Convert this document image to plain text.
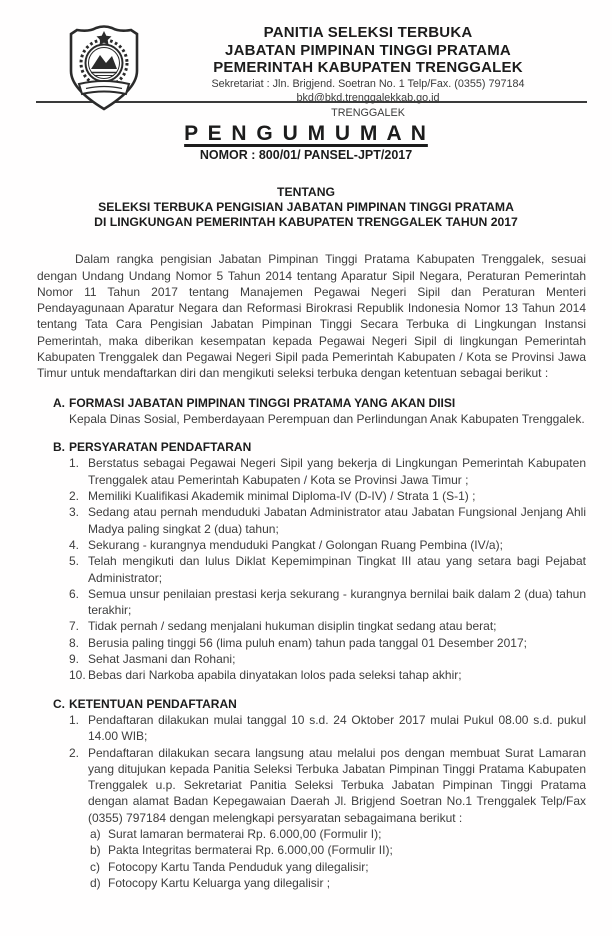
PANITIA SELEKSI TERBUKA
JABATAN PIMPINAN TINGGI PRATAMA
PEMERINTAH KABUPATEN TRENGGALEK
Sekretariat : Jln. Brigjend. Soetran No. 1 Telp/Fax. (0355) 797184
bkd@bkd.trenggalekkab.go.id
TRENGGALEK
P E N G U M U M A N
NOMOR : 800/01/ PANSEL-JPT/2017
TENTANG
SELEKSI TERBUKA PENGISIAN JABATAN PIMPINAN TINGGI PRATAMA
DI LINGKUNGAN PEMERINTAH KABUPATEN TRENGGALEK TAHUN 2017

Dalam rangka pengisian Jabatan Pimpinan Tinggi Pratama Kabupaten Trenggalek, sesuai dengan Undang Undang Nomor 5 Tahun 2014 tentang Aparatur Sipil Negara, Peraturan Pemerintah Nomor 11 Tahun 2017 tentang Manajemen Pegawai Negeri Sipil dan Peraturan Menteri Pendayagunaan Aparatur Negara dan Reformasi Birokrasi Republik Indonesia Nomor 13 Tahun 2014 tentang Tata Cara Pengisian Jabatan Pimpinan Tinggi Secara Terbuka di Lingkungan Instansi Pemerintah, maka diberikan kesempatan kepada Pegawai Negeri Sipil di lingkungan Pemerintah Kabupaten Trenggalek dan Pegawai Negeri Sipil pada Pemerintah Kabupaten / Kota se Provinsi Jawa Timur untuk mendaftarkan diri dan mengikuti seleksi terbuka dengan ketentuan sebagai berikut :

A. FORMASI JABATAN PIMPINAN TINGGI PRATAMA YANG AKAN DIISI
Kepala Dinas Sosial, Pemberdayaan Perempuan dan Perlindungan Anak Kabupaten Trenggalek.
B. PERSYARATAN PENDAFTARAN
1. Berstatus sebagai Pegawai Negeri Sipil yang bekerja di Lingkungan Pemerintah Kabupaten Trenggalek atau Pemerintah Kabupaten / Kota se Provinsi Jawa Timur ;
2. Memiliki Kualifikasi Akademik minimal Diploma-IV (D-IV) / Strata 1 (S-1) ;
3. Sedang atau pernah menduduki Jabatan Administrator atau Jabatan Fungsional Jenjang Ahli Madya paling singkat 2 (dua) tahun;
4. Sekurang - kurangnya menduduki Pangkat / Golongan Ruang Pembina (IV/a);
5. Telah mengikuti dan lulus Diklat Kepemimpinan Tingkat III atau yang setara bagi Pejabat Administrator;
6. Semua unsur penilaian prestasi kerja sekurang - kurangnya bernilai baik dalam 2 (dua) tahun terakhir;
7. Tidak pernah / sedang menjalani hukuman disiplin tingkat sedang atau berat;
8. Berusia paling tinggi 56 (lima puluh enam) tahun pada tanggal 01 Desember 2017;
9. Sehat Jasmani dan Rohani;
10. Bebas dari Narkoba apabila dinyatakan lolos pada seleksi tahap akhir;
C. KETENTUAN PENDAFTARAN
1. Pendaftaran dilakukan mulai tanggal 10 s.d. 24 Oktober 2017 mulai Pukul 08.00 s.d. pukul 14.00 WIB;
2. Pendaftaran dilakukan secara langsung atau melalui pos dengan membuat Surat Lamaran yang ditujukan kepada Panitia Seleksi Terbuka Jabatan Pimpinan Tinggi Pratama Kabupaten Trenggalek u.p. Sekretariat Panitia Seleksi Terbuka Jabatan Pimpinan Tinggi Pratama dengan alamat Badan Kepegawaian Daerah Jl. Brigjend Soetran No.1 Trenggalek Telp/Fax (0355) 797184 dengan melengkapi persyaratan sebagaimana berikut :
a) Surat lamaran bermaterai Rp. 6.000,00 (Formulir I);
b) Pakta Integritas bermaterai Rp. 6.000,00 (Formulir II);
c) Fotocopy Kartu Tanda Penduduk yang dilegalisir;
d) Fotocopy Kartu Keluarga yang dilegalisir ;
